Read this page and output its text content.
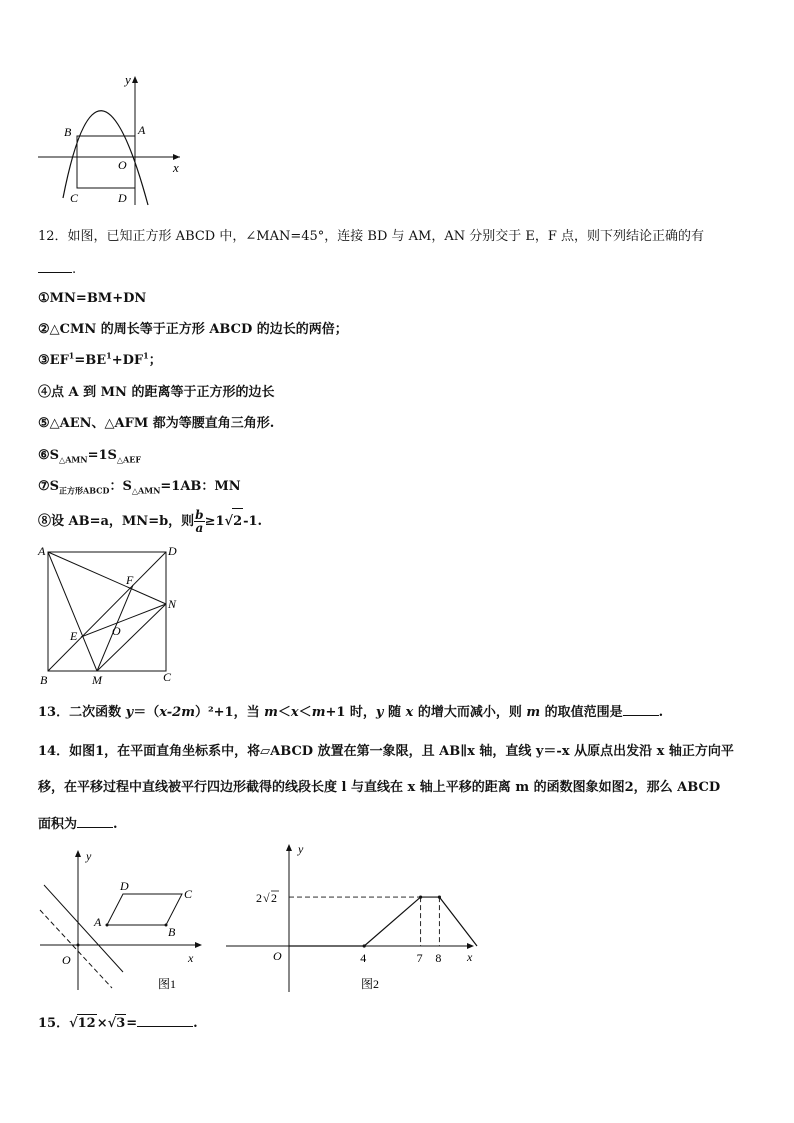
y
x
O
A
B
C	D
12．如图，已知正方形 ABCD 中，∠MAN=45°，连接 BD 与 AM，AN 分别交于 E，F 点，则下列结论正确的有
.
①MN=BM+DN
②△CMN 的周长等于正方形 ABCD 的边长的两倍；
$③EF^1=BE^1+DF^1$；
④点 A 到 MN 的距离等于正方形的边长
⑤△AEN、△AFM 都为等腰直角三角形.
$⑥S_{\triangle AMN}=1S_{\triangle AEF}$
$⑦S_{正方形ABCD}$：$S_{\triangle AMN}=1AB$：MN
⑧设 AB=a，MN=b，则 $\frac{b}{a} \ge 1√2-1$.
A	D
F
N
E	O
B	M	C
13．二次函数 y＝（x-2m）²+1，当 m＜x＜m+1 时，y 随 x 的增大而减小，则 m 的取值范围是	.
14．如图1，在平面直角坐标系中，将▱ABCD 放置在第一象限，且 AB∥x 轴，直线 y＝-x 从原点出发沿 x 轴正方向平
移，在平移过程中直线被平行四边形截得的线段长度 l 与直线在 x 轴上平移的距离 m 的函数图象如图2，那么 ABCD
面积为	.
y
x
O
A
B
C
D
图1
4	7 8
y
x
O
2 √ 2
图2
15．√12×√3=	.
